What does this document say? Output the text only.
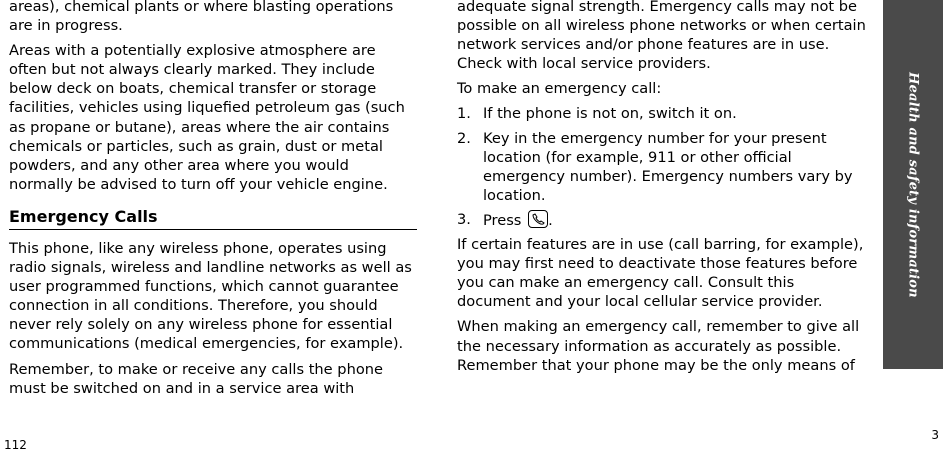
areas), chemical plants or where blasting operations are in progress.

Areas with a potentially explosive atmosphere are often but not always clearly marked. They include below deck on boats, chemical transfer or storage facilities, vehicles using liquefied petroleum gas (such as propane or butane), areas where the air contains chemicals or particles, such as grain, dust or metal powders, and any other area where you would normally be advised to turn off your vehicle engine.

Emergency Calls

This phone, like any wireless phone, operates using radio signals, wireless and landline networks as well as user programmed functions, which cannot guarantee connection in all conditions. Therefore, you should never rely solely on any wireless phone for essential communications (medical emergencies, for example).

Remember, to make or receive any calls the phone must be switched on and in a service area with

adequate signal strength. Emergency calls may not be possible on all wireless phone networks or when certain network services and/or phone features are in use. Check with local service providers.

To make an emergency call:

1. If the phone is not on, switch it on.
2. Key in the emergency number for your present location (for example, 911 or other official emergency number). Emergency numbers vary by location.
3. Press .

If certain features are in use (call barring, for example), you may first need to deactivate those features before you can make an emergency call. Consult this document and your local cellular service provider.

When making an emergency call, remember to give all the necessary information as accurately as possible. Remember that your phone may be the only means of

Health and safety information
112
3
